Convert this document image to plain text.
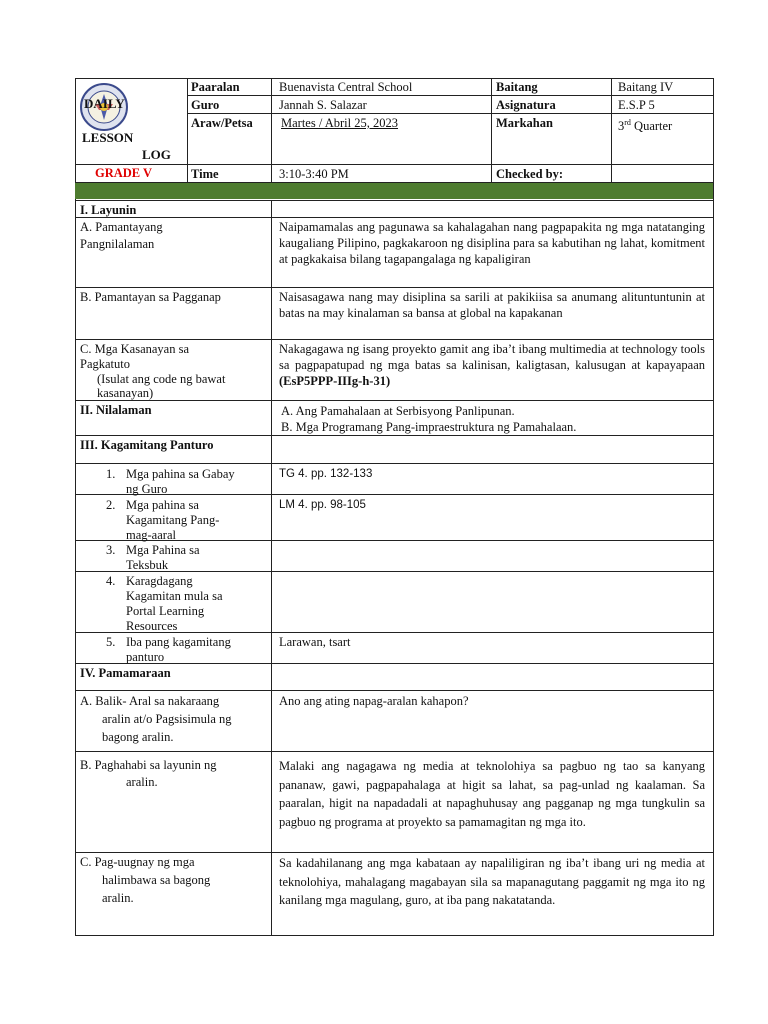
DAILY
LESSON
LOG
GRADE V
Paaralan
Guro
Araw/Petsa
Time
Baitang
Asignatura
Markahan
Checked by:
Buenavista Central School
Jannah S. Salazar
Martes / Abril 25, 2023
3:10-3:40 PM
Baitang IV
E.S.P 5
3rd Quarter
I. Layunin
A. Pamantayang
Pangnilalaman
Naipamamalas ang pagunawa sa kahalagahan nang pagpapakita ng mga natatanging kaugaliang Pilipino, pagkakaroon ng disiplina para sa kabutihan ng lahat, komitment at pagkakaisa bilang tagapangalaga ng kapaligiran
B. Pamantayan sa Pagganap	Naisasagawa nang may disiplina sa sarili at pakikiisa sa anumang alituntuntunin at batas na may kinalaman sa bansa at global na kapakanan
C. Mga Kasanayan sa
Pagkatuto
(Isulat ang code ng bawat
kasanayan)
Nakagagawa ng isang proyekto gamit ang iba’t ibang multimedia at technology tools sa pagpapatupad ng mga batas sa kalinisan, kaligtasan, kalusugan at kapayapaan (EsP5PPP-IIIg-h-31)
II. Nilalaman	A. Ang Pamahalaan at Serbisyong Panlipunan.
B. Mga Programang Pang-impraestruktura ng Pamahalaan.
III. Kagamitang Panturo
1. Mga pahina sa Gabay
ng Guro
TG 4. pp. 132-133
2. Mga pahina sa
Kagamitang Pang-
mag-aaral
LM 4. pp. 98-105
3. Mga Pahina sa
Teksbuk
4. Karagdagang
Kagamitan mula sa
Portal Learning
Resources
5. Iba pang kagamitang
panturo
Larawan, tsart
IV. Pamamaraan
A. Balik- Aral sa nakaraang
aralin at/o Pagsisimula ng
bagong aralin.
Ano ang ating napag-aralan kahapon?
B. Paghahabi sa layunin ng
aralin.
Malaki ang nagagawa ng media at teknolohiya sa pagbuo ng tao sa kanyang pananaw, gawi, pagpapahalaga at higit sa lahat, sa pag-unlad ng kaalaman. Sa paaralan, higit na napadadali at napaghuhusay ang pagganap ng mga tungkulin sa pagbuo ng programa at proyekto sa pamamagitan ng mga ito.
C. Pag-uugnay ng mga
halimbawa sa bagong
aralin.
Sa kadahilanang ang mga kabataan ay napaliligiran ng iba’t ibang uri ng media at teknolohiya, mahalagang magabayan sila sa mapanagutang paggamit ng mga ito ng kanilang mga magulang, guro, at iba pang nakatatanda.
